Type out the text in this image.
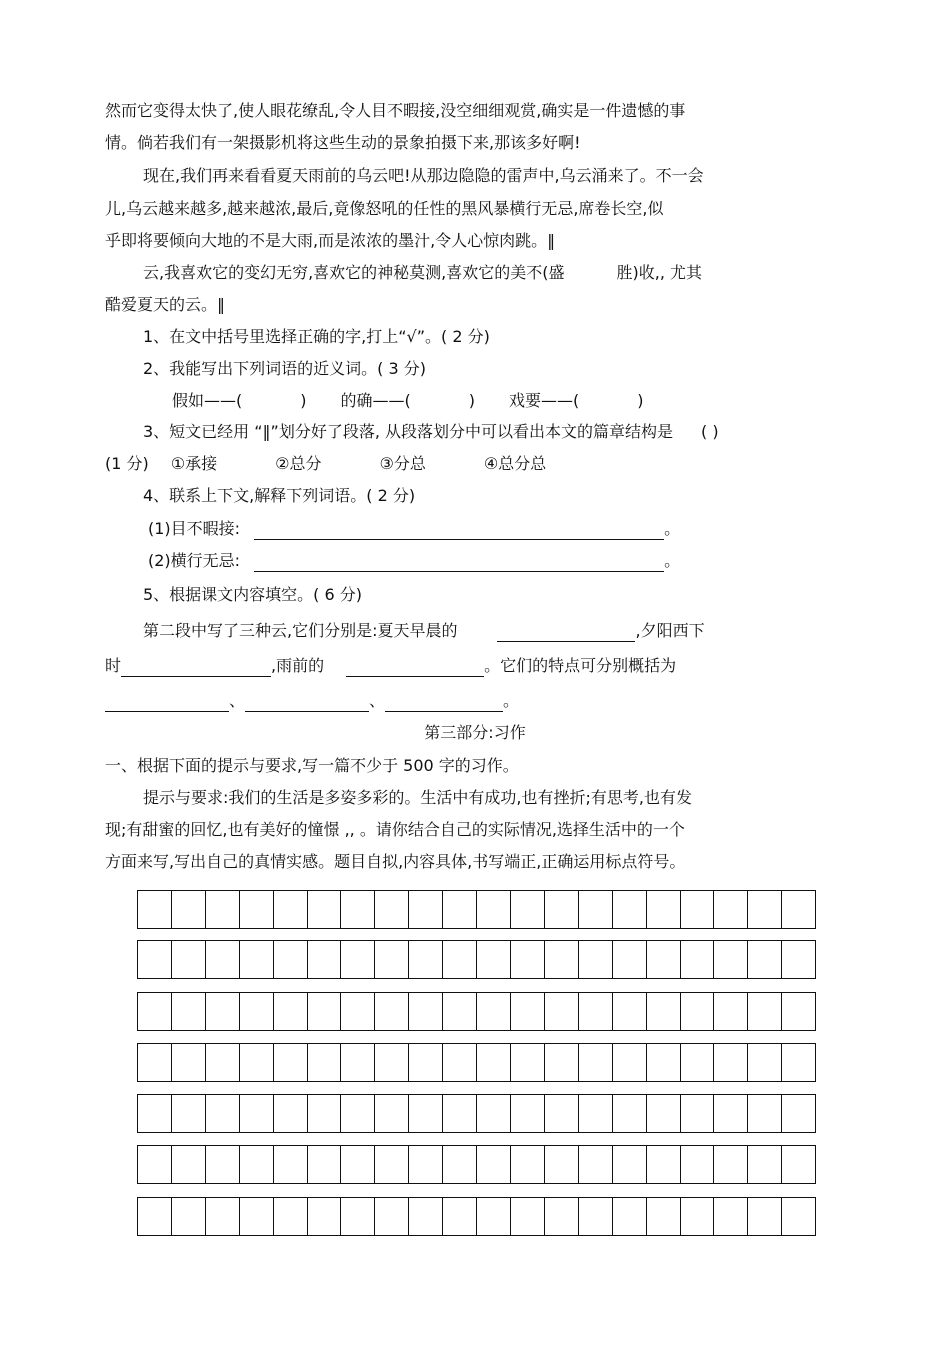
然而它变得太快了,使人眼花缭乱,令人目不暇接,没空细细观赏,确实是一件遗憾的事
情。倘若我们有一架摄影机将这些生动的景象拍摄下来,那该多好啊!
现在,我们再来看看夏天雨前的乌云吧!从那边隐隐的雷声中,乌云涌来了。不一会
儿,乌云越来越多,越来越浓,最后,竟像怒吼的任性的黑风暴横行无忌,席卷长空,似
乎即将要倾向大地的不是大雨,而是浓浓的墨汁,令人心惊肉跳。‖
云,我喜欢它的变幻无穷,喜欢它的神秘莫测,喜欢它的美不(盛	胜)收,, 尤其
酷爱夏天的云。‖
1、在文中括号里选择正确的字,打上“√”。( 2 分)
2、我能写出下列词语的近义词。( 3 分)
假如——(	) 的确——(	) 戏要——(	)
3、短文已经用 “‖”划分好了段落, 从段落划分中可以看出本文的篇章结构是 ( )
(1 分) ①承接	②总分	③分总	④总分总
4、联系上下文,解释下列词语。( 2 分)
(1)目不暇接:	。
(2)横行无忌:	。
5、根据课文内容填空。( 6 分)
第二段中写了三种云,它们分别是:夏天早晨的	,夕阳西下
时	,雨前的	。它们的特点可分别概括为
、	、	。
第三部分:习作
一、根据下面的提示与要求,写一篇不少于 500 字的习作。
提示与要求:我们的生活是多姿多彩的。生活中有成功,也有挫折;有思考,也有发
现;有甜蜜的回忆,也有美好的憧憬 ,, 。请你结合自己的实际情况,选择生活中的一个
方面来写,写出自己的真情实感。题目自拟,内容具体,书写端正,正确运用标点符号。
